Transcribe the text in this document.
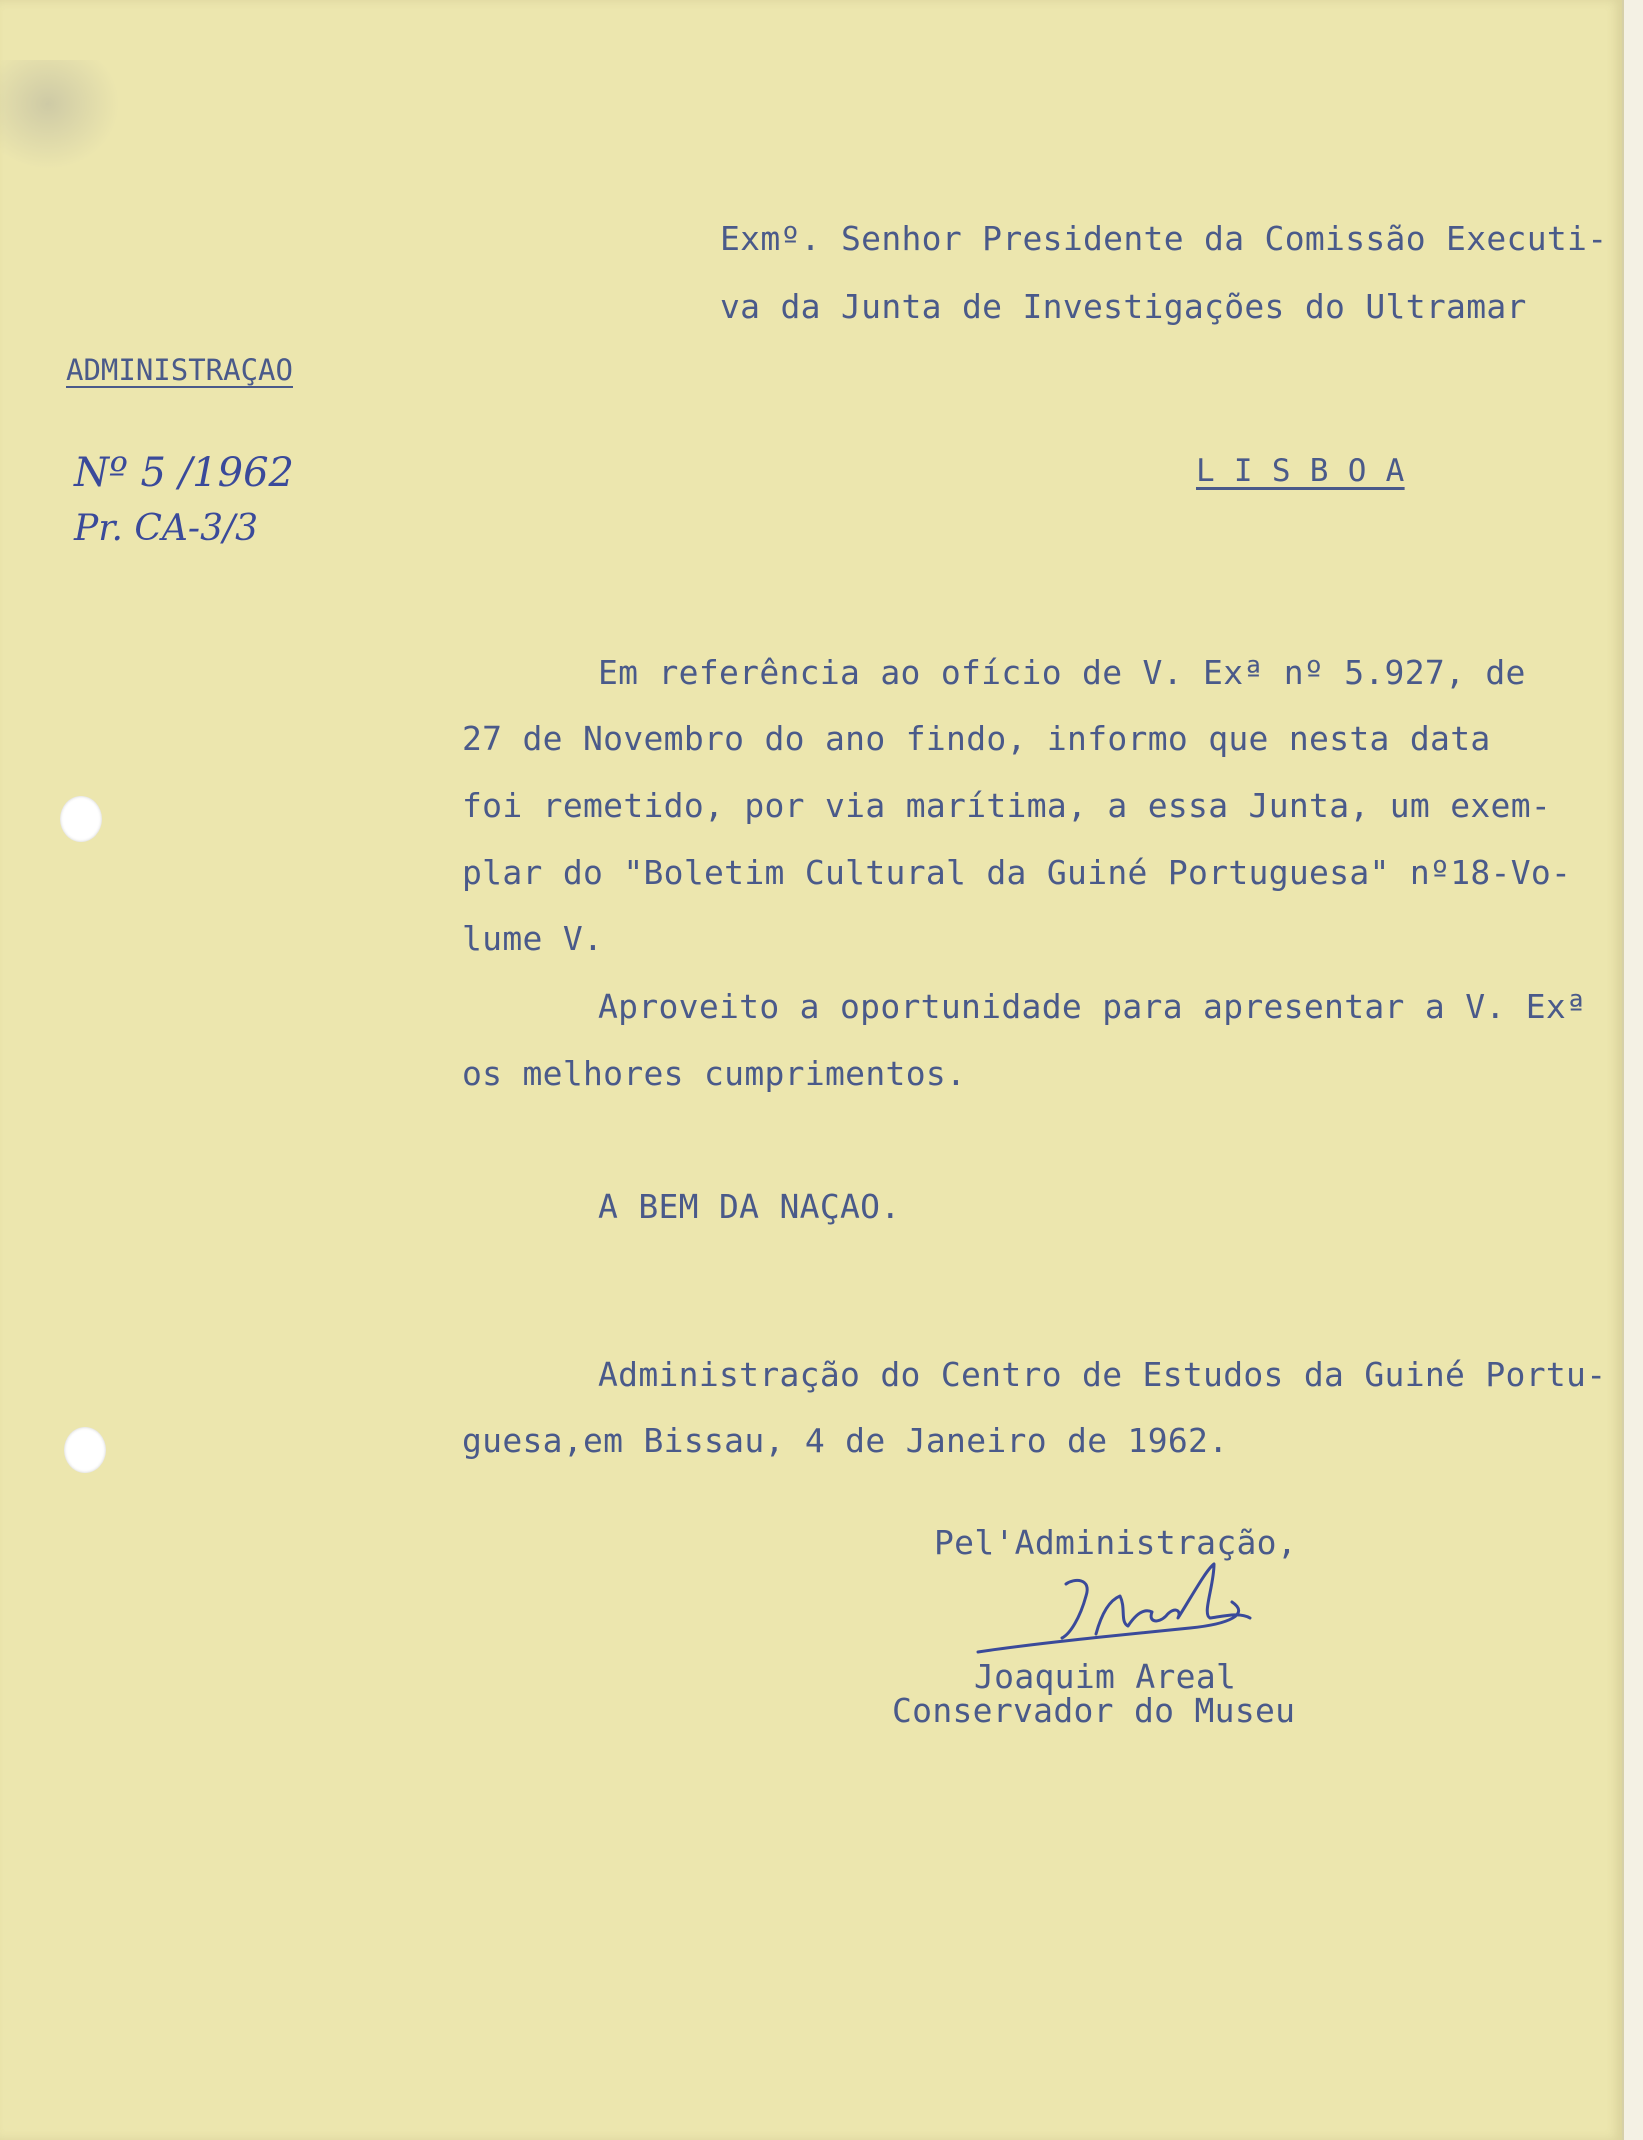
Exmº. Senhor Presidente da Comissão Executi-
va da Junta de Investigações do Ultramar
L I S B O A
ADMINISTRAÇAO
Nº 5 /1962
Pr. CA-3/3
Em referência ao ofício de V. Exª nº 5.927, de
27 de Novembro do ano findo, informo que nesta data
foi remetido, por via marítima, a essa Junta, um exem-
plar do "Boletim Cultural da Guiné Portuguesa" nº18-Vo-
lume V.
Aproveito a oportunidade para apresentar a V. Exª
os melhores cumprimentos.
A BEM DA NAÇAO.
Administração do Centro de Estudos da Guiné Portu-
guesa,em Bissau, 4 de Janeiro de 1962.
Pel'Administração,
Joaquim Areal
Conservador do Museu
